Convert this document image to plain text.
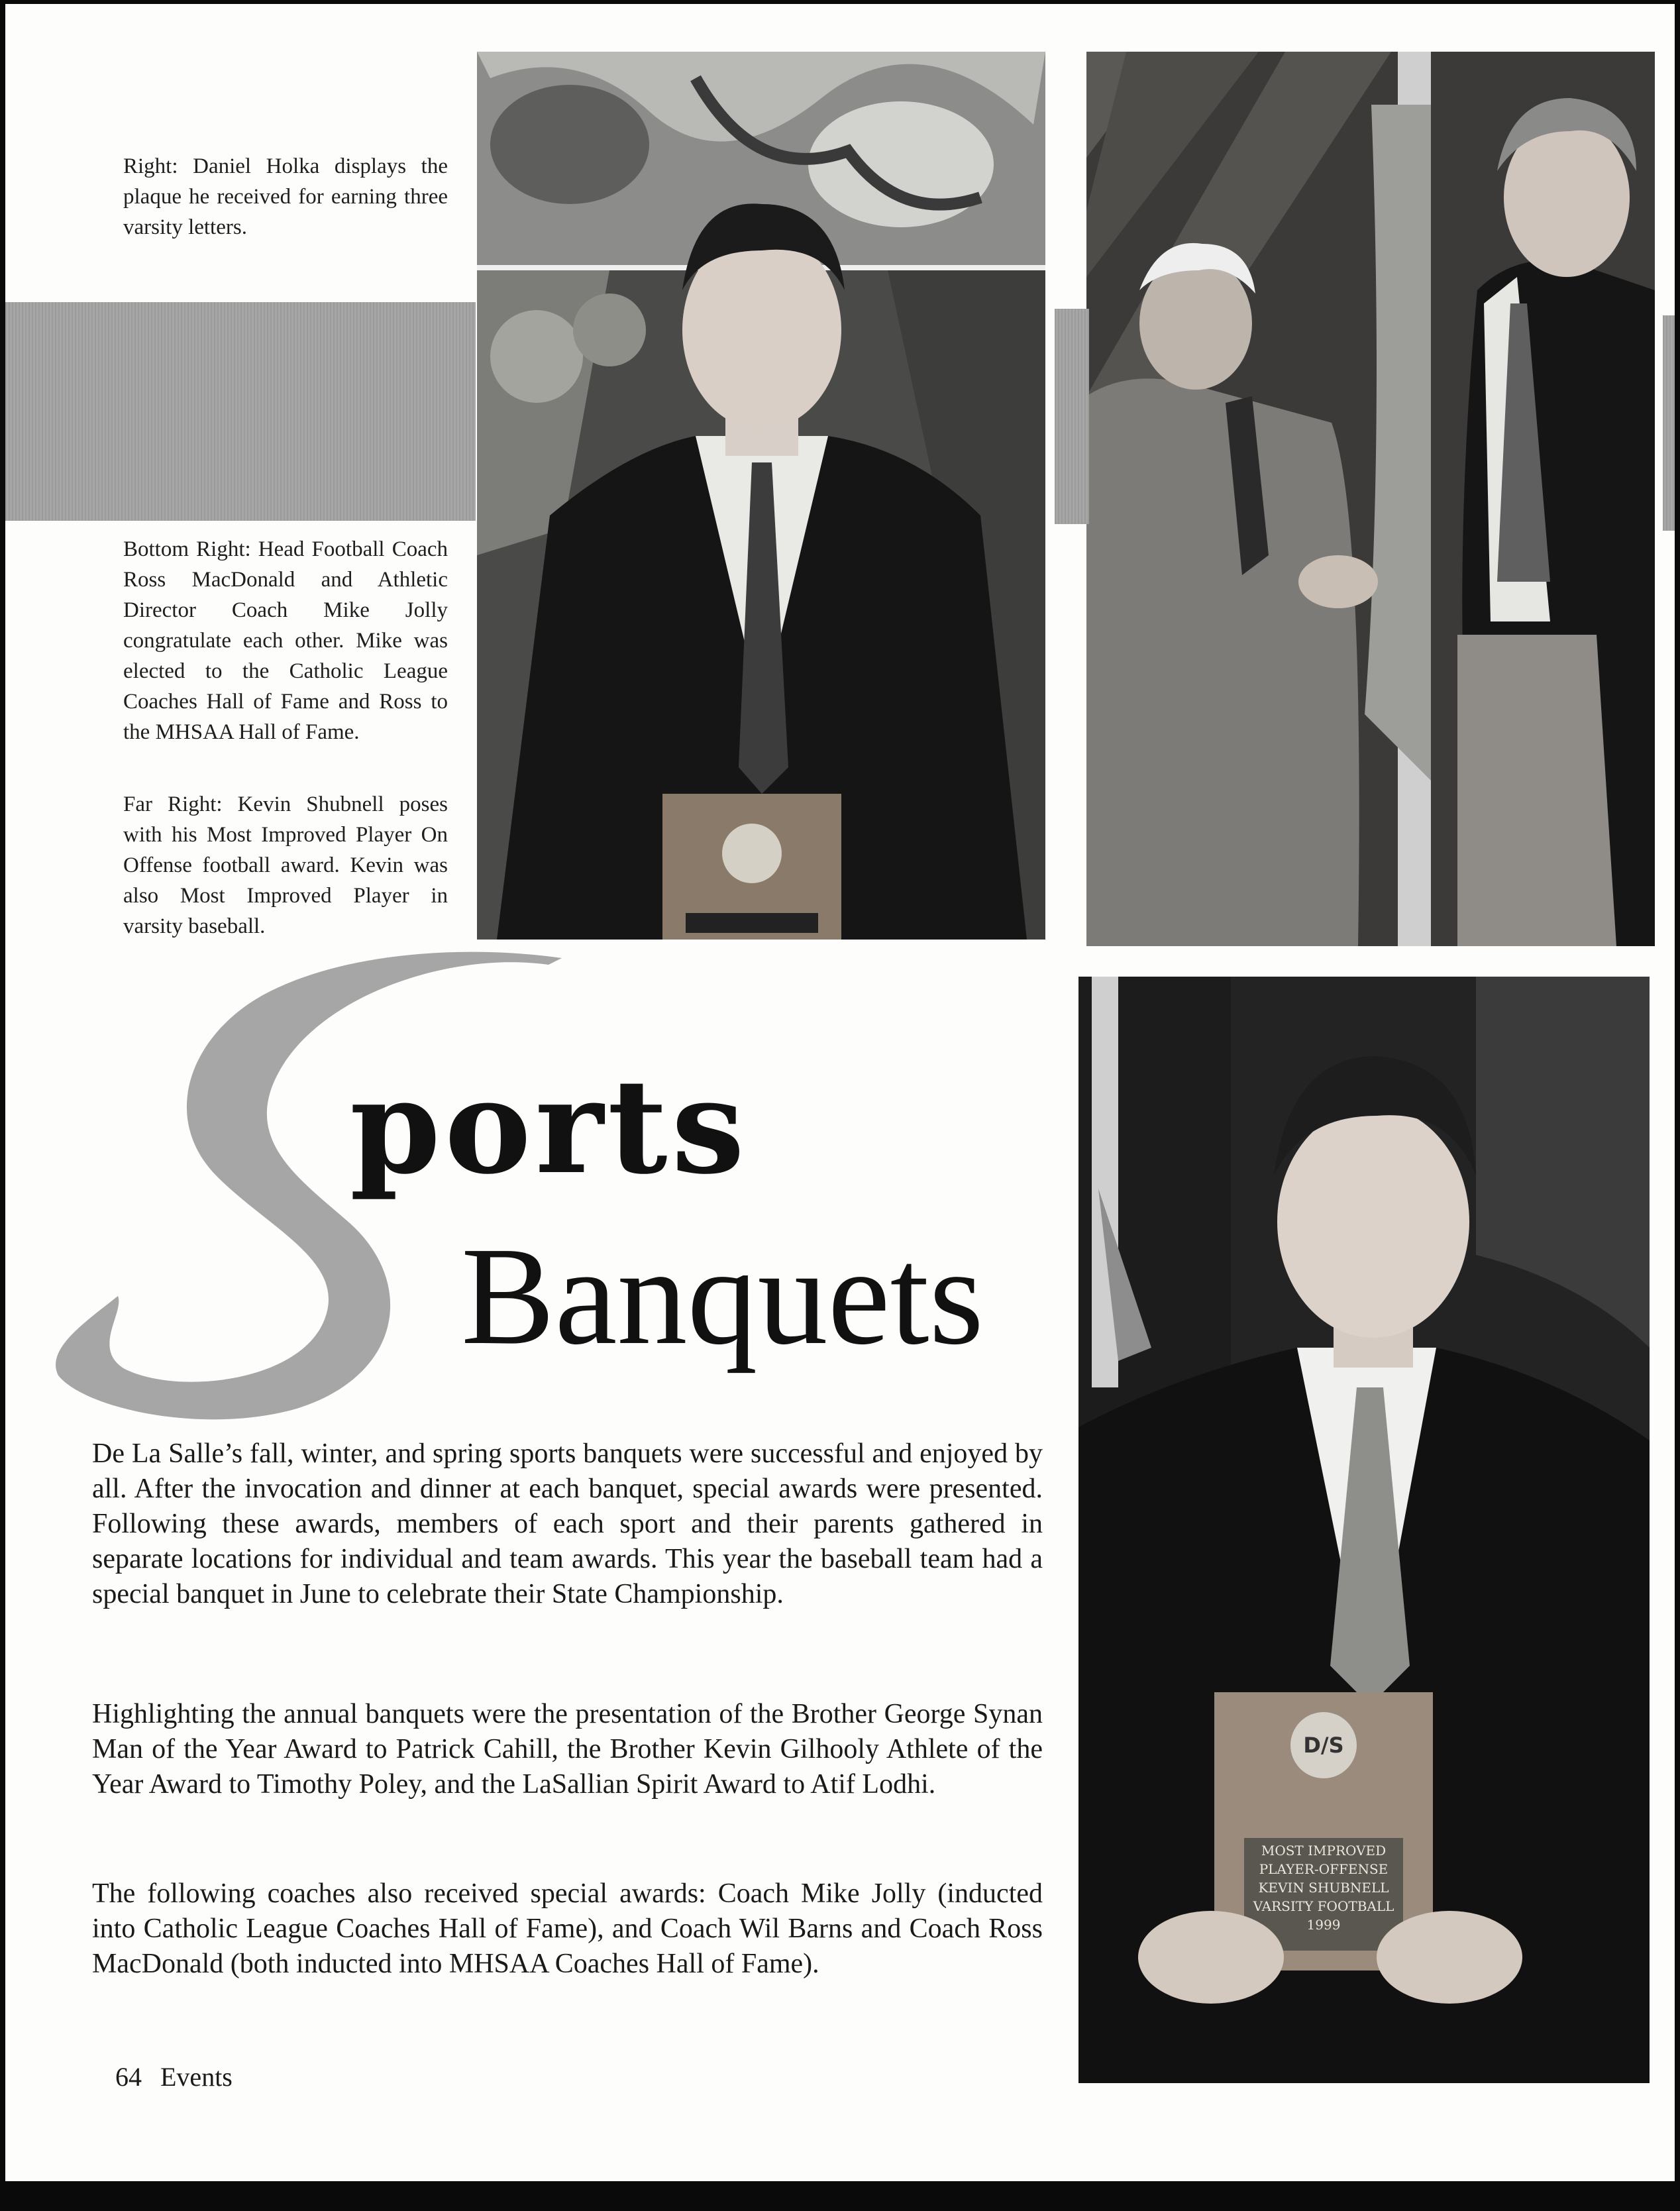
Right: Daniel Holka displays the plaque he received for earning three varsity letters.

Bottom Right: Head Football Coach Ross MacDonald and Athletic Director Coach Mike Jolly congratulate each other. Mike was elected to the Catholic League Coaches Hall of Fame and Ross to the MHSAA Hall of Fame.

Far Right: Kevin Shubnell poses with his Most Improved Player On Offense football award. Kevin was also Most Improved Player in varsity baseball.

D/S
MOST IMPROVED
PLAYER-OFFENSE
KEVIN SHUBNELL
VARSITY FOOTBALL
1999

ports

Banquets

De La Salle’s fall, winter, and spring sports banquets were successful and enjoyed by all. After the invocation and dinner at each banquet, special awards were presented. Following these awards, members of each sport and their parents gathered in separate locations for individual and team awards. This year the baseball team had a special banquet in June to celebrate their State Championship.

Highlighting the annual banquets were the presentation of the Brother George Synan Man of the Year Award to Patrick Cahill, the Brother Kevin Gilhooly Athlete of the Year Award to Timothy Poley, and the LaSallian Spirit Award to Atif Lodhi.

The following coaches also received special awards: Coach Mike Jolly (inducted into Catholic League Coaches Hall of Fame), and Coach Wil Barns and Coach Ross MacDonald (both inducted into MHSAA Coaches Hall of Fame).

64 Events
